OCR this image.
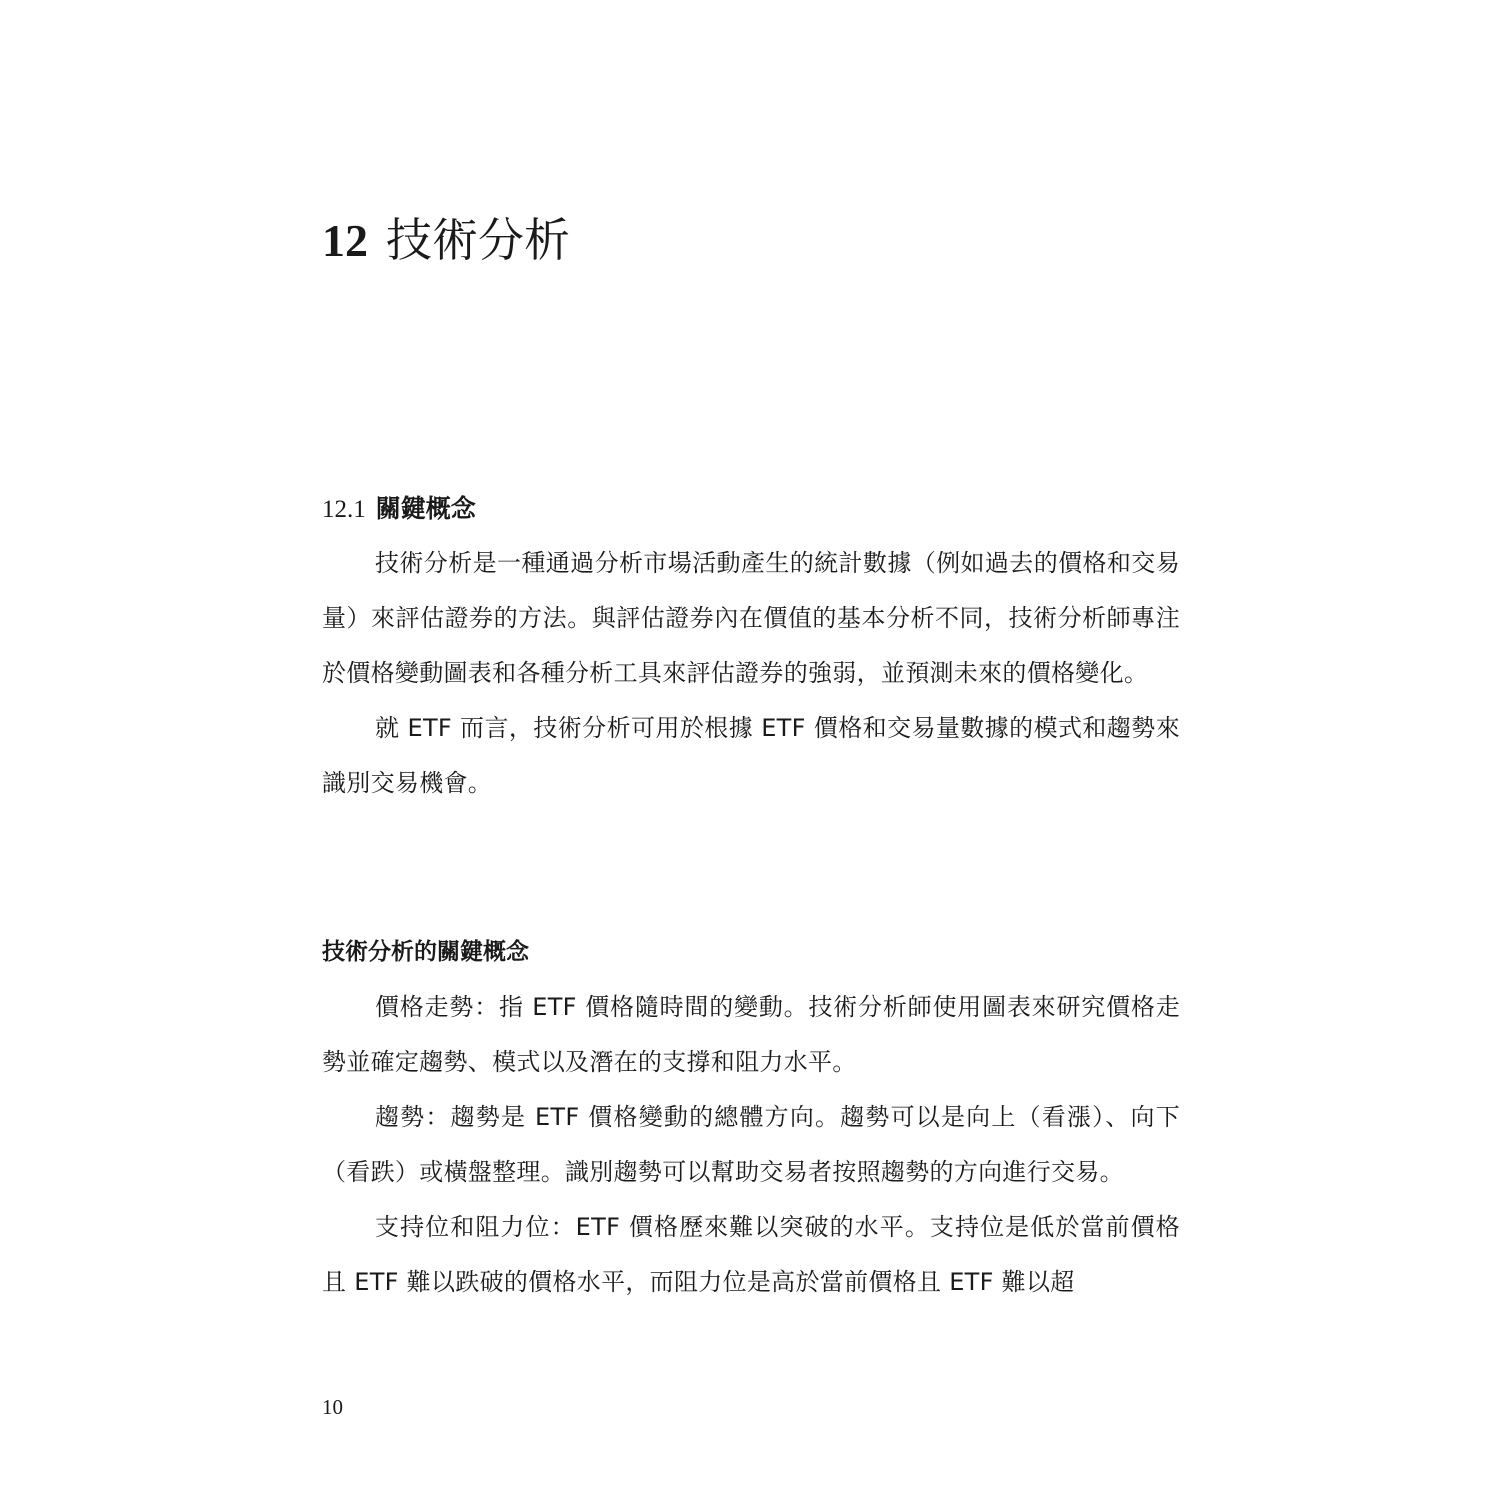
12 技術分析
12.1 關鍵概念

技術分析是一種通過分析市場活動產生的統計數據（例如過去的價格和交易量）來評估證券的方法。與評估證券內在價值的基本分析不同，技術分析師專注於價格變動圖表和各種分析工具來評估證券的強弱，並預測未來的價格變化。

就 ETF 而言，技術分析可用於根據 ETF 價格和交易量數據的模式和趨勢來識別交易機會。

技術分析的關鍵概念

價格走勢：指 ETF 價格隨時間的變動。技術分析師使用圖表來研究價格走勢並確定趨勢、模式以及潛在的支撐和阻力水平。

趨勢：趨勢是 ETF 價格變動的總體方向。趨勢可以是向上（看漲）、向下（看跌）或橫盤整理。識別趨勢可以幫助交易者按照趨勢的方向進行交易。

支持位和阻力位：ETF 價格歷來難以突破的水平。支持位是低於當前價格且 ETF 難以跌破的價格水平，而阻力位是高於當前價格且 ETF 難以超

10
